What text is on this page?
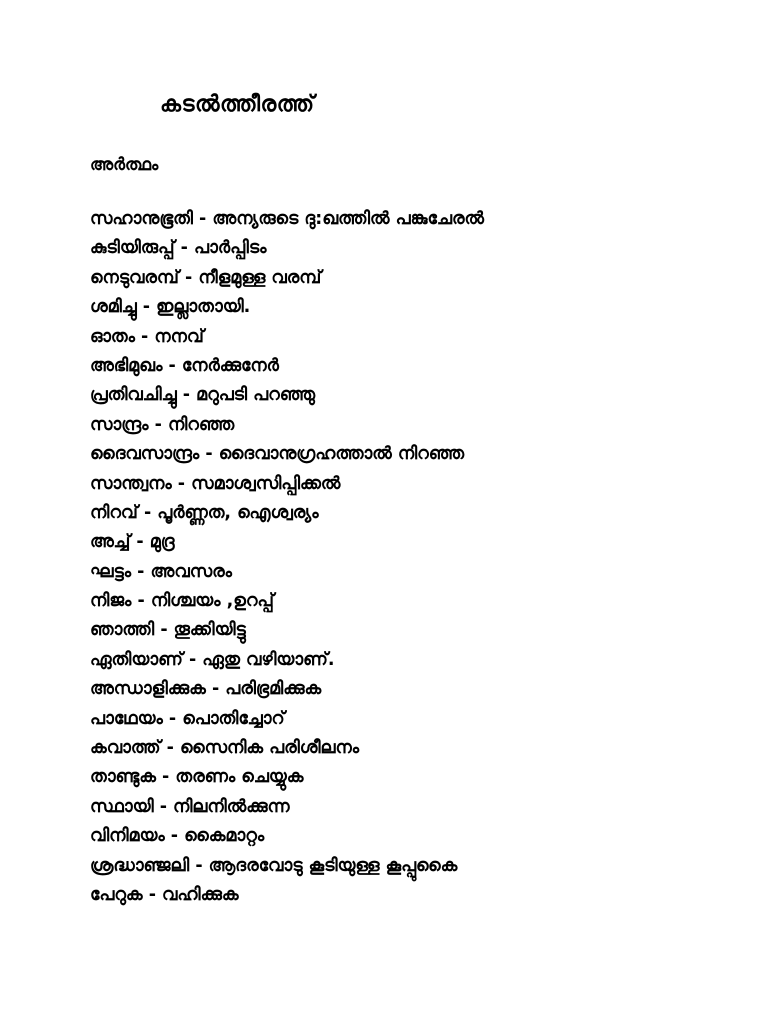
കടൽത്തീരത്ത്
അർത്ഥം
സഹാനുഭൂതി - അന്യരുടെ ദു:ഖത്തിൽ പങ്കുചേരൽ
കുടിയിരുപ്പ് - പാർപ്പിടം
നെടുവരമ്പ് - നീളമുള്ള വരമ്പ്
ശമിച്ചു - ഇല്ലാതായി.
ഓതം - നനവ്
അഭിമുഖം - നേർക്കുനേർ
പ്രതിവചിച്ചു - മറുപടി പറഞ്ഞു
സാന്ദ്രം - നിറഞ്ഞ
ദൈവസാന്ദ്രം - ദൈവാനുഗ്രഹത്താൽ നിറഞ്ഞ
സാന്ത്വനം - സമാശ്വസിപ്പിക്കൽ
നിറവ് - പൂർണ്ണത, ഐശ്വര്യം
അച്ച് - മുദ്ര
ഘട്ടം - അവസരം
നിജം - നിശ്ചയം ,ഉറപ്പ്
ഞാത്തി - തൂക്കിയിട്ടു
ഏതിയാണ് - ഏതു വഴിയാണ്.
അന്ധാളിക്കുക - പരിഭ്രമിക്കുക
പാഥേയം - പൊതിച്ചോറ്
കവാത്ത് - സൈനിക പരിശീലനം
താണ്ടുക - തരണം ചെയ്യുക
സ്ഥായി - നിലനിൽക്കുന്ന
വിനിമയം - കൈമാറ്റം
ശ്രദ്ധാഞ്ജലി - ആദരവോടു കൂടിയുള്ള കൂപ്പുകൈ
പേറുക - വഹിക്കുക
